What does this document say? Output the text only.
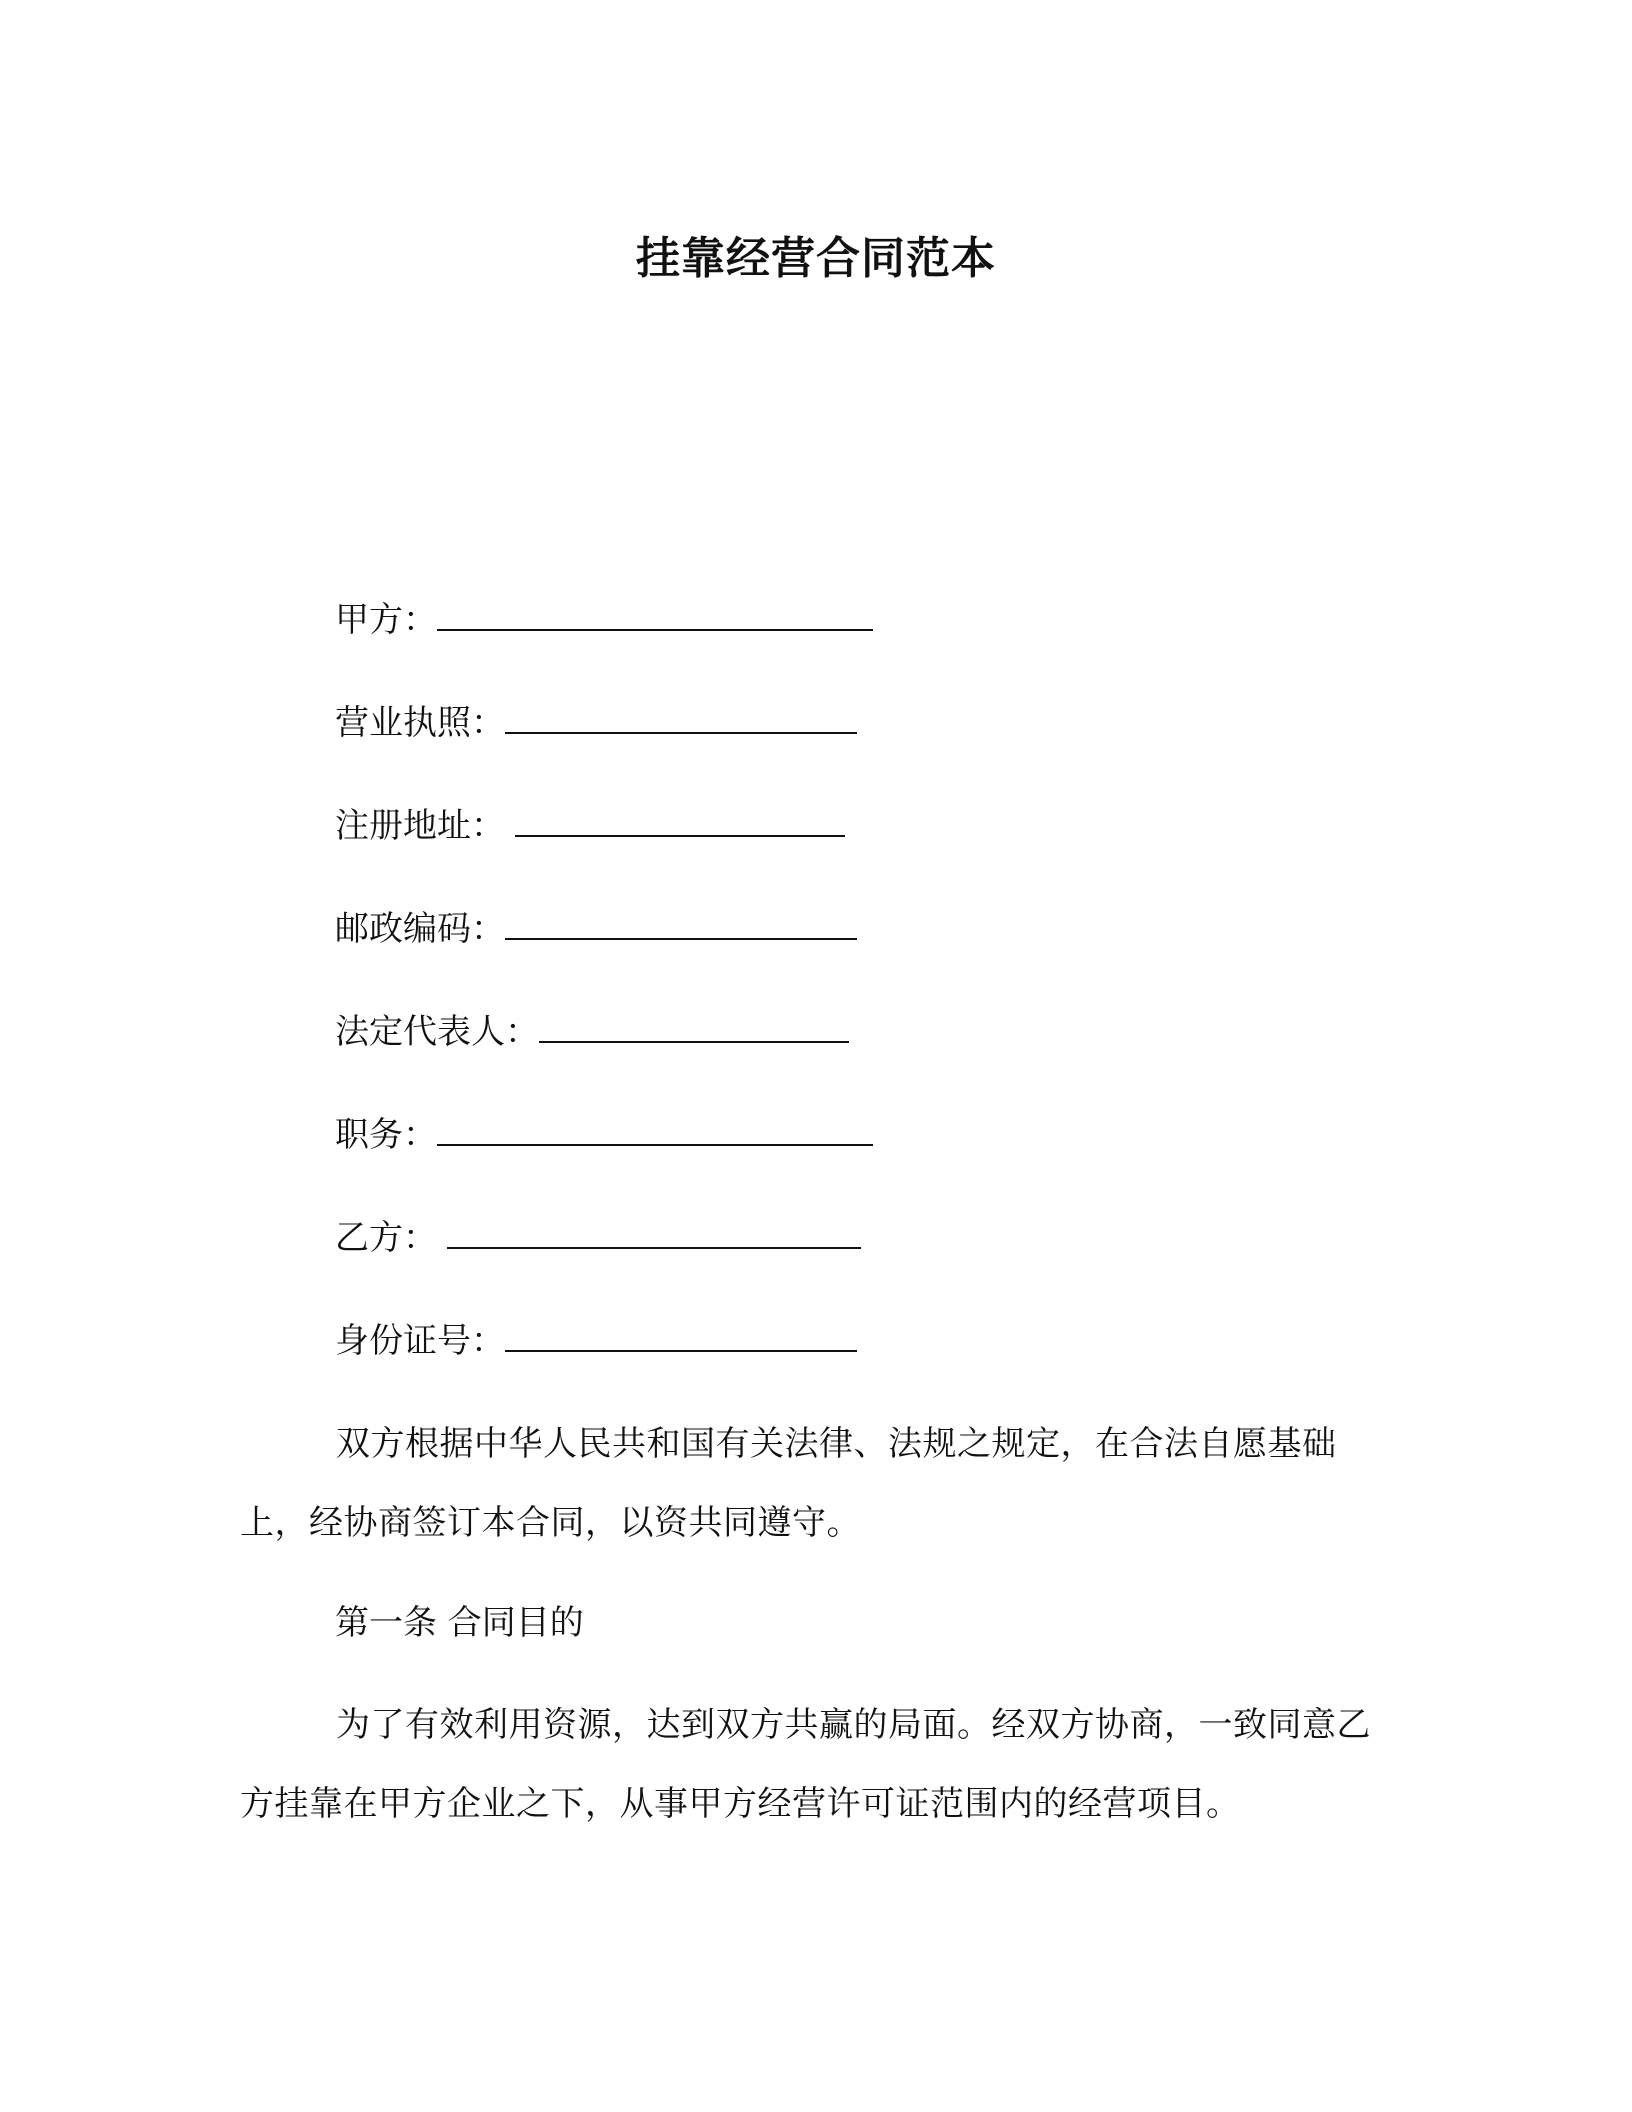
挂靠经营合同范本
甲方：
营业执照：
注册地址：
邮政编码：
法定代表人：
职务：
乙方：
身份证号：

双方根据中华人民共和国有关法律、法规之规定，在合法自愿基础上，经协商签订本合同，以资共同遵守。

第一条 合同目的

为了有效利用资源，达到双方共赢的局面。经双方协商，一致同意乙方挂靠在甲方企业之下，从事甲方经营许可证范围内的经营项目。
